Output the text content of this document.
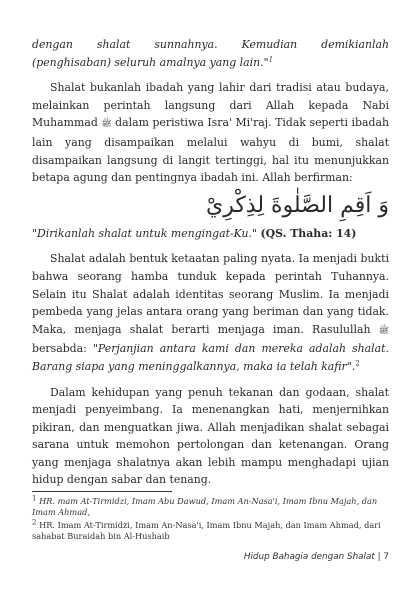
dengan shalat sunnahnya. Kemudian demikianlah (penghisaban) seluruh amalnya yang lain."$^1$

Shalat bukanlah ibadah yang lahir dari tradisi atau budaya, melainkan perintah langsung dari Allah kepada Nabi Muhammad ﷺ dalam peristiwa Isra' Mi'raj. Tidak seperti ibadah lain yang disampaikan melalui wahyu di bumi, shalat disampaikan langsung di langit tertinggi, hal itu menunjukkan betapa agung dan pentingnya ibadah ini. Allah berfirman:

وَ اَقِمِ الصَّلٰوةَ لِذِكْرِيْ

"Dirikanlah shalat untuk mengingat-Ku." (QS. Thaha: 14)

Shalat adalah bentuk ketaatan paling nyata. Ia menjadi bukti bahwa seorang hamba tunduk kepada perintah Tuhannya. Selain itu Shalat adalah identitas seorang Muslim. Ia menjadi pembeda yang jelas antara orang yang beriman dan yang tidak. Maka, menjaga shalat berarti menjaga iman. Rasulullah ﷺ bersabda: "Perjanjian antara kami dan mereka adalah shalat. Barang siapa yang meninggalkannya, maka ia telah kafir".$^2$

Dalam kehidupan yang penuh tekanan dan godaan, shalat menjadi penyeimbang. Ia menenangkan hati, menjernihkan pikiran, dan menguatkan jiwa. Allah menjadikan shalat sebagai sarana untuk memohon pertolongan dan ketenangan. Orang yang menjaga shalatnya akan lebih mampu menghadapi ujian hidup dengan sabar dan tenang.

$^1$ HR. mam At-Tirmidzi, Imam Abu Dawud, Imam An-Nasa'i, Imam Ibnu Majah, dan Imam Ahmad,
$^2$ HR. Imam At-Tirmidzi, Imam An-Nasa'i, Imam Ibnu Majah, dan Imam Ahmad, dari sahabat Buraidah bin Al-Hushaib
Hidup Bahagia dengan Shalat | 7
